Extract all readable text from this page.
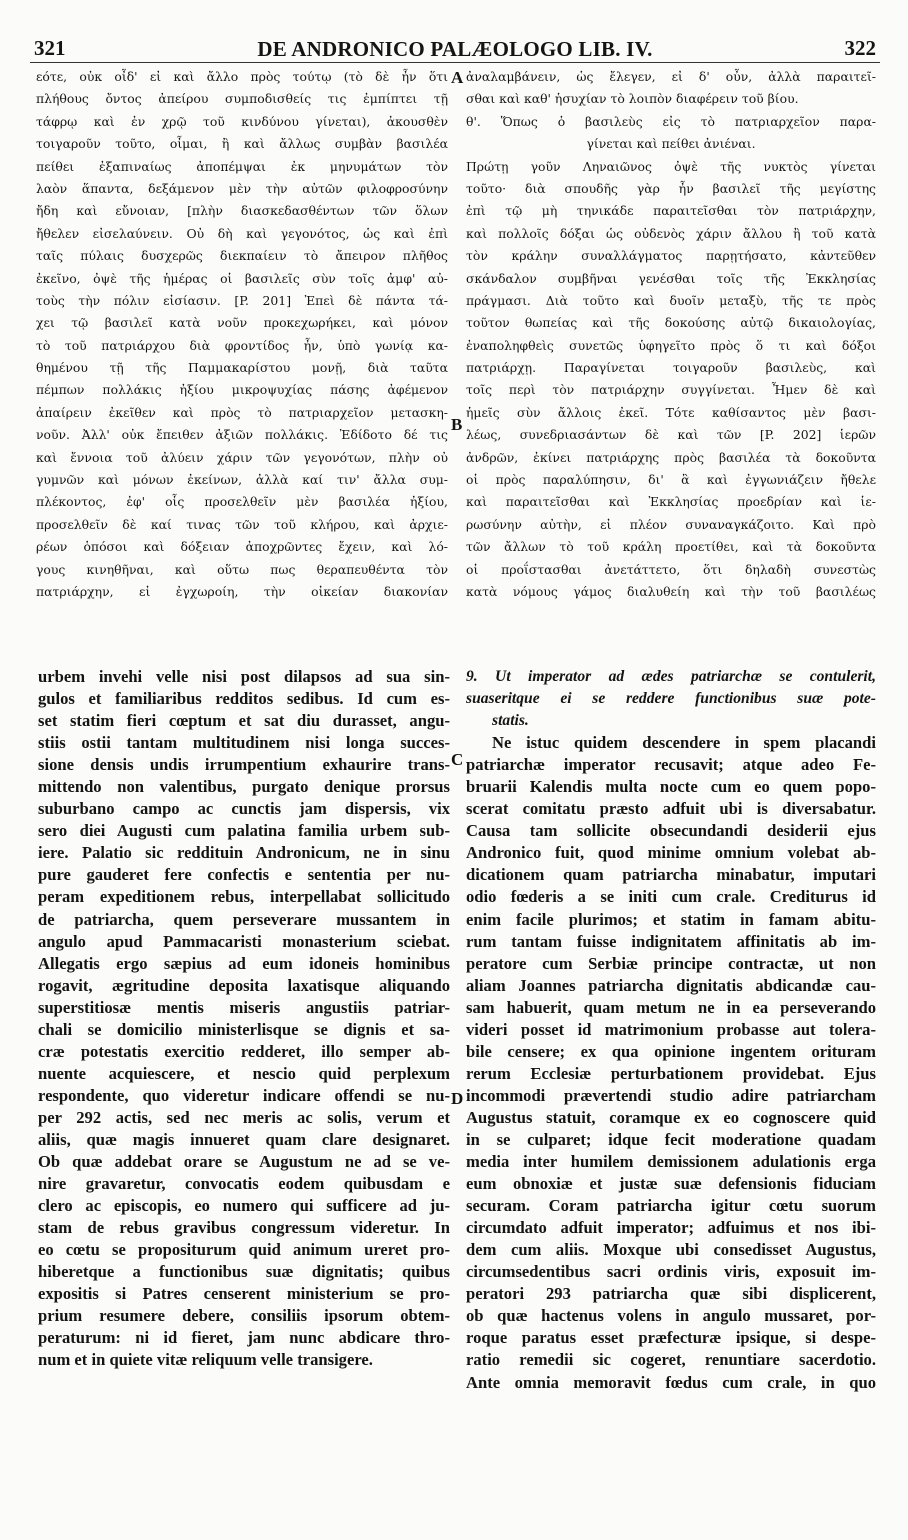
321	DE ANDRONICO PALÆOLOGO LIB. IV.	322
A
B
C
D
εότε, οὐκ οἶδ' εἰ καὶ ἄλλο πρὸς τούτῳ (τὸ δὲ ἦν ὅτι
πλήθους ὄντος ἀπείρου συμποδισθείς τις ἐμπίπτει τῇ
τάφρῳ καὶ ἐν χρῷ τοῦ κινδύνου γίνεται), ἀκουσθὲν
τοιγαροῦν τοῦτο, οἶμαι, ἢ καὶ ἄλλως συμβὰν βασιλέα
πείθει ἐξαπιναίως ἀποπέμψαι ἐκ μηνυμάτων τὸν
λαὸν ἅπαντα, δεξάμενον μὲν τὴν αὐτῶν φιλοφροσύνην
ἤδη καὶ εὔνοιαν, [πλὴν διασκεδασθέντων τῶν ὅλων
ἤθελεν εἰσελαύνειν. Οὐ δὴ καὶ γεγονότος, ὡς καὶ ἐπὶ
ταῖς πύλαις δυσχερῶς διεκπαίειν τὸ ἄπειρον πλῆθος
ἐκεῖνο, ὀψὲ τῆς ἡμέρας οἱ βασιλεῖς σὺν τοῖς ἀμφ' αὐ-
τοὺς τὴν πόλιν εἰσίασιν. [P. 201] Ἐπεὶ δὲ πάντα τά-
χει τῷ βασιλεῖ κατὰ νοῦν προκεχωρήκει, καὶ μόνον
τὸ τοῦ πατριάρχου διὰ φροντίδος ἦν, ὑπὸ γωνίᾳ κα-
θημένου τῇ τῆς Παμμακαρίστου μονῇ, διὰ ταῦτα
πέμπων πολλάκις ἠξίου μικροψυχίας πάσης ἀφέμενον
ἀπαίρειν ἐκεῖθεν καὶ πρὸς τὸ πατριαρχεῖον μετασκη-
νοῦν. Ἀλλ' οὐκ ἔπειθεν ἀξιῶν πολλάκις. Ἐδίδοτο δέ τις
καὶ ἔννοια τοῦ ἀλύειν χάριν τῶν γεγονότων, πλὴν οὐ
γυμνῶν καὶ μόνων ἐκείνων, ἀλλὰ καί τιν' ἄλλα συμ-
πλέκοντος, ἐφ' οἷς προσελθεῖν μὲν βασιλέα ἠξίου,
προσελθεῖν δὲ καί τινας τῶν τοῦ κλήρου, καὶ ἀρχιε-
ρέων ὁπόσοι καὶ δόξειαν ἀποχρῶντες ἔχειν, καὶ λό-
γους κινηθῆναι, καὶ οὕτω πως θεραπευθέντα τὸν
πατριάρχην, εἰ ἐγχωροίη, τὴν οἰκείαν διακονίαν
ἀναλαμβάνειν, ὡς ἔλεγεν, εἰ δ' οὖν, ἀλλὰ παραιτεῖ-
σθαι καὶ καθ' ἡσυχίαν τὸ λοιπὸν διαφέρειν τοῦ βίου.
θ'. Ὅπως ὁ βασιλεὺς εἰς τὸ πατριαρχεῖον παρα-
γίνεται καὶ πείθει ἀνιέναι.
Πρώτῃ γοῦν Ληναιῶνος ὀψὲ τῆς νυκτὸς γίνεται
τοῦτο· διὰ σπουδῆς γὰρ ἦν βασιλεῖ τῆς μεγίστης
ἐπὶ τῷ μὴ τηνικάδε παραιτεῖσθαι τὸν πατριάρχην,
καὶ πολλοῖς δόξαι ὡς οὐδενὸς χάριν ἄλλου ἢ τοῦ κατὰ
τὸν κράλην συναλλάγματος παρῃτήσατο, κἀντεῦθεν
σκάνδαλον συμβῆναι γενέσθαι τοῖς τῆς Ἐκκλησίας
πράγμασι. Διὰ τοῦτο καὶ δυοῖν μεταξὺ, τῆς τε πρὸς
τοῦτον θωπείας καὶ τῆς δοκούσης αὐτῷ δικαιολογίας,
ἐναποληφθεὶς συνετῶς ὑφηγεῖτο πρὸς ὅ τι καὶ δόξοι
πατριάρχῃ. Παραγίνεται τοιγαροῦν βασιλεὺς, καὶ
τοῖς περὶ τὸν πατριάρχην συγγίνεται. Ἦμεν δὲ καὶ
ἡμεῖς σὺν ἄλλοις ἐκεῖ. Τότε καθίσαντος μὲν βασι-
λέως, συνεδριασάντων δὲ καὶ τῶν [P. 202] ἱερῶν
ἀνδρῶν, ἐκίνει πατριάρχης πρὸς βασιλέα τὰ δοκοῦντα
οἱ πρὸς παραλύπησιν, δι' ἃ καὶ ἐγγωνιάζειν ἤθελε
καὶ παραιτεῖσθαι καὶ Ἐκκλησίας προεδρίαν καὶ ἱε-
ρωσύνην αὐτὴν, εἰ πλέον συναναγκάζοιτο. Καὶ πρὸ
τῶν ἄλλων τὸ τοῦ κράλη προετίθει, καὶ τὰ δοκοῦντα
οἱ προΐστασθαι ἀνετάττετο, ὅτι δηλαδὴ συνεστὼς
κατὰ νόμους γάμος διαλυθείη καὶ τὴν τοῦ βασιλέως
urbem invehi velle nisi post dilapsos ad sua sin-
gulos et familiaribus redditos sedibus. Id cum es-
set statim fieri cœptum et sat diu durasset, angu-
stiis ostii tantam multitudinem nisi longa succes-
sione densis undis irrumpentium exhaurire trans-
mittendo non valentibus, purgato denique prorsus
suburbano campo ac cunctis jam dispersis, vix
sero diei Augusti cum palatina familia urbem sub-
iere. Palatio sic reddituin Andronicum, ne in sinu
pure gauderet fere confectis e sententia per nu-
peram expeditionem rebus, interpellabat sollicitudo
de patriarcha, quem perseverare mussantem in
angulo apud Pammacaristi monasterium sciebat.
Allegatis ergo sæpius ad eum idoneis hominibus
rogavit, ægritudine deposita laxatisque aliquando
superstitiosæ mentis miseris angustiis patriar-
chali se domicilio ministerlisque se dignis et sa-
cræ potestatis exercitio redderet, illo semper ab-
nuente acquiescere, et nescio quid perplexum
respondente, quo videretur indicare offendi se nu-
per 292 actis, sed nec meris ac solis, verum et
aliis, quæ magis innueret quam clare designaret.
Ob quæ addebat orare se Augustum ne ad se ve-
nire gravaretur, convocatis eodem quibusdam e
clero ac episcopis, eo numero qui sufficere ad ju-
stam de rebus gravibus congressum videretur. In
eo cœtu se propositurum quid animum ureret pro-
hiberetque a functionibus suæ dignitatis; quibus
expositis si Patres censerent ministerium se pro-
prium resumere debere, consiliis ipsorum obtem-
peraturum: ni id fieret, jam nunc abdicare thro-
num et in quiete vitæ reliquum velle transigere.
9. Ut imperator ad ædes patriarchæ se contulerit,
suaseritque ei se reddere functionibus suæ pote-
statis.
Ne istuc quidem descendere in spem placandi
patriarchæ imperator recusavit; atque adeo Fe-
bruarii Kalendis multa nocte cum eo quem popo-
scerat comitatu præsto adfuit ubi is diversabatur.
Causa tam sollicite obsecundandi desiderii ejus
Andronico fuit, quod minime omnium volebat ab-
dicationem quam patriarcha minabatur, imputari
odio fœderis a se initi cum crale. Crediturus id
enim facile plurimos; et statim in famam abitu-
rum tantam fuisse indignitatem affinitatis ab im-
peratore cum Serbiæ principe contractæ, ut non
aliam Joannes patriarcha dignitatis abdicandæ cau-
sam habuerit, quam metum ne in ea perseverando
videri posset id matrimonium probasse aut tolera-
bile censere; ex qua opinione ingentem orituram
rerum Ecclesiæ perturbationem providebat. Ejus
incommodi prævertendi studio adire patriarcham
Augustus statuit, coramque ex eo cognoscere quid
in se culparet; idque fecit moderatione quadam
media inter humilem demissionem adulationis erga
eum obnoxiæ et justæ suæ defensionis fiduciam
securam. Coram patriarcha igitur cœtu suorum
circumdato adfuit imperator; adfuimus et nos ibi-
dem cum aliis. Moxque ubi consedisset Augustus,
circumsedentibus sacri ordinis viris, exposuit im-
peratori 293 patriarcha quæ sibi displicerent,
ob quæ hactenus volens in angulo mussaret, por-
roque paratus esset præfecturæ ipsique, si despe-
ratio remedii sic cogeret, renuntiare sacerdotio.
Ante omnia memoravit fœdus cum crale, in quo
